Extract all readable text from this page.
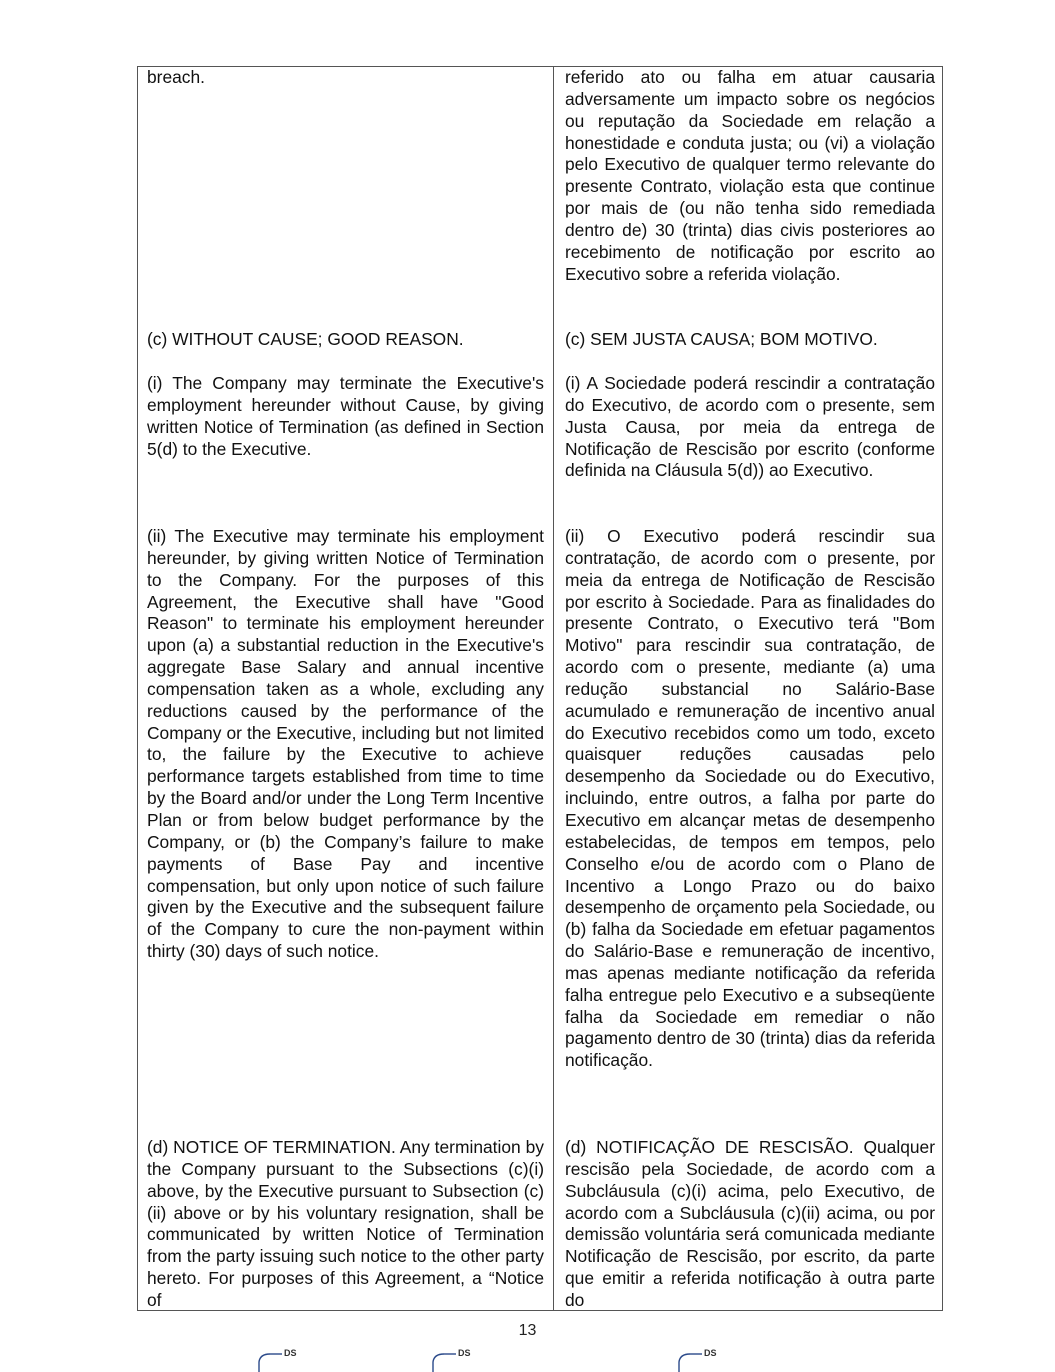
breach.

(c) WITHOUT CAUSE; GOOD REASON.

(i) The Company may terminate the Executive's employment hereunder without Cause, by giving written Notice of Termination (as defined in Section 5(d) to the Executive.

(ii) The Executive may terminate his employment hereunder, by giving written Notice of Termination to the Company. For the purposes of this Agreement, the Executive shall have "Good Reason" to terminate his employment hereunder upon (a) a substantial reduction in the Executive's aggregate Base Salary and annual incentive compensation taken as a whole, excluding any reductions caused by the performance of the Company or the Executive, including but not limited to, the failure by the Executive to achieve performance targets established from time to time by the Board and/or under the Long Term Incentive Plan or from below budget performance by the Company, or (b) the Company’s failure to make payments of Base Pay and incentive compensation, but only upon notice of such failure given by the Executive and the subsequent failure of the Company to cure the non-payment within thirty (30) days of such notice.

(d) NOTICE OF TERMINATION. Any termination by the Company pursuant to the Subsections (c)(i) above, by the Executive pursuant to Subsection (c)(ii) above or by his voluntary resignation, shall be communicated by written Notice of Termination from the party issuing such notice to the other party hereto. For purposes of this Agreement, a “Notice of

referido ato ou falha em atuar causaria adversamente um impacto sobre os negócios ou reputação da Sociedade em relação a honestidade e conduta justa; ou (vi) a violação pelo Executivo de qualquer termo relevante do presente Contrato, violação esta que continue por mais de (ou não tenha sido remediada dentro de) 30 (trinta) dias civis posteriores ao recebimento de notificação por escrito ao Executivo sobre a referida violação.

(c) SEM JUSTA CAUSA; BOM MOTIVO.

(i) A Sociedade poderá rescindir a contratação do Executivo, de acordo com o presente, sem Justa Causa, por meia da entrega de Notificação de Rescisão por escrito (conforme definida na Cláusula 5(d)) ao Executivo.

(ii) O Executivo poderá rescindir sua contratação, de acordo com o presente, por meia da entrega de Notificação de Rescisão por escrito à Sociedade. Para as finalidades do presente Contrato, o Executivo terá "Bom Motivo" para rescindir sua contratação, de acordo com o presente, mediante (a) uma redução substancial no Salário-Base acumulado e remuneração de incentivo anual do Executivo recebidos como um todo, exceto quaisquer reduções causadas pelo desempenho da Sociedade ou do Executivo, incluindo, entre outros, a falha por parte do Executivo em alcançar metas de desempenho estabelecidas, de tempos em tempos, pelo Conselho e/ou de acordo com o Plano de Incentivo a Longo Prazo ou do baixo desempenho de orçamento pela Sociedade, ou (b) falha da Sociedade em efetuar pagamentos do Salário-Base e remuneração de incentivo, mas apenas mediante notificação da referida falha entregue pelo Executivo e a subseqüente falha da Sociedade em remediar o não pagamento dentro de 30 (trinta) dias da referida notificação.

(d) NOTIFICAÇÃO DE RESCISÃO. Qualquer rescisão pela Sociedade, de acordo com a Subcláusula (c)(i) acima, pelo Executivo, de acordo com a Subcláusula (c)(ii) acima, ou por demissão voluntária será comunicada mediante Notificação de Rescisão, por escrito, da parte que emitir a referida notificação à outra parte do

13
DS	DS	DS
